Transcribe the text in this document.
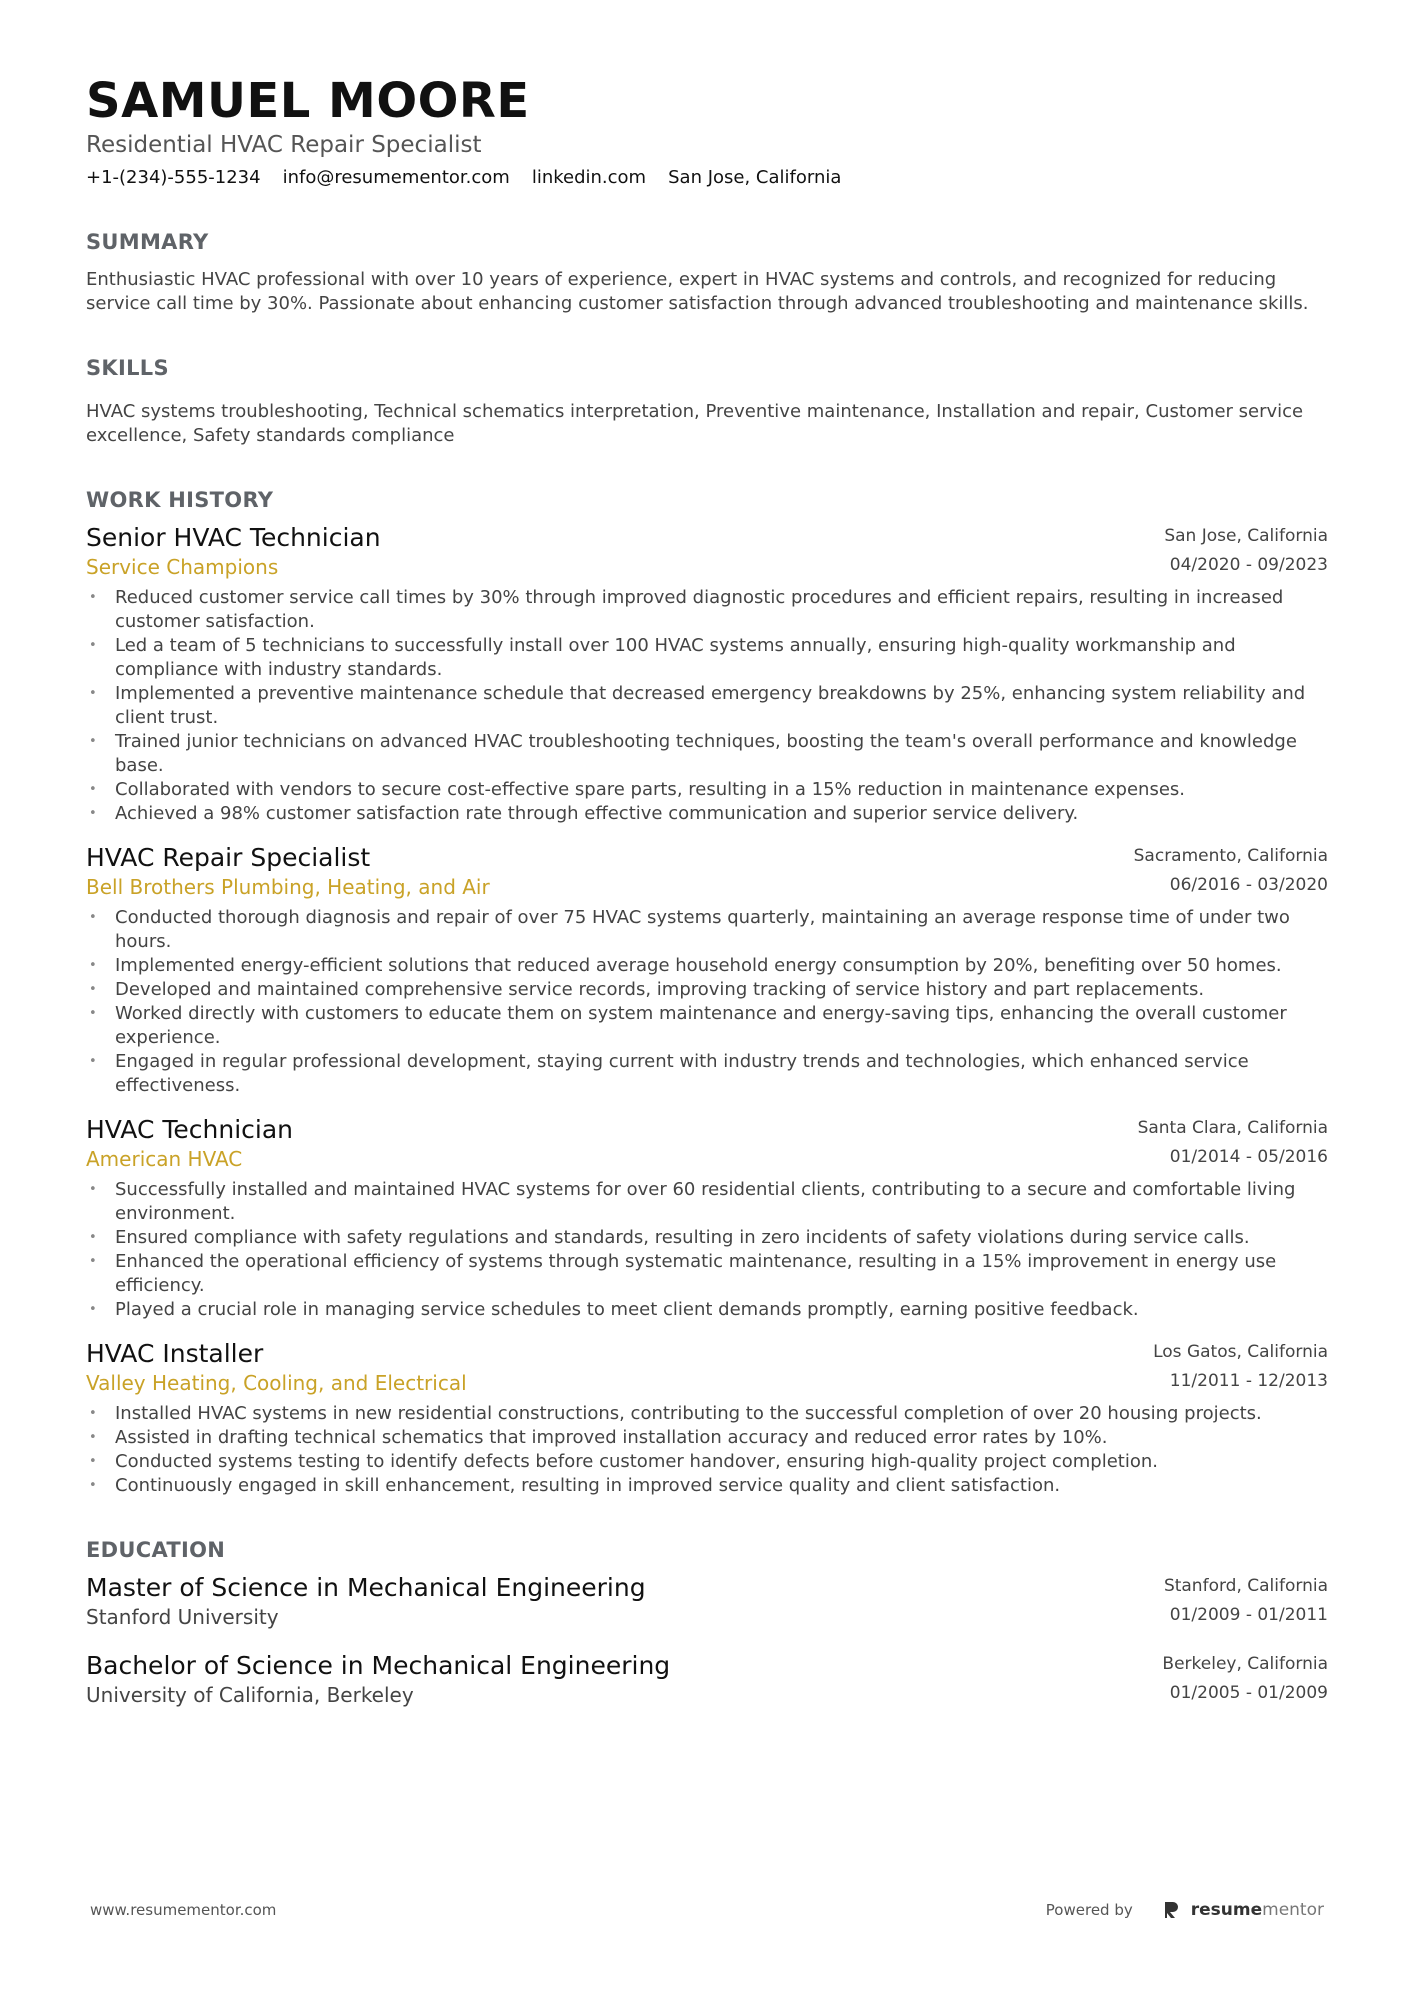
SAMUEL MOORE
Residential HVAC Repair Specialist
+1-(234)-555-1234 info@resumementor.com linkedin.com San Jose, California
SUMMARY

Enthusiastic HVAC professional with over 10 years of experience, expert in HVAC systems and controls, and recognized for reducing service call time by 30%. Passionate about enhancing customer satisfaction through advanced troubleshooting and maintenance skills.

SKILLS

HVAC systems troubleshooting, Technical schematics interpretation, Preventive maintenance, Installation and repair, Customer service excellence, Safety standards compliance

WORK HISTORY
Senior HVAC Technician
Service Champions
San Jose, California
04/2020 - 09/2023
• Reduced customer service call times by 30% through improved diagnostic procedures and efficient repairs, resulting in increased customer satisfaction.
• Led a team of 5 technicians to successfully install over 100 HVAC systems annually, ensuring high-quality workmanship and compliance with industry standards.
• Implemented a preventive maintenance schedule that decreased emergency breakdowns by 25%, enhancing system reliability and client trust.
• Trained junior technicians on advanced HVAC troubleshooting techniques, boosting the team's overall performance and knowledge base.
• Collaborated with vendors to secure cost-effective spare parts, resulting in a 15% reduction in maintenance expenses.
• Achieved a 98% customer satisfaction rate through effective communication and superior service delivery.
HVAC Repair Specialist
Bell Brothers Plumbing, Heating, and Air
Sacramento, California
06/2016 - 03/2020
• Conducted thorough diagnosis and repair of over 75 HVAC systems quarterly, maintaining an average response time of under two hours.
• Implemented energy-efficient solutions that reduced average household energy consumption by 20%, benefiting over 50 homes.
• Developed and maintained comprehensive service records, improving tracking of service history and part replacements.
• Worked directly with customers to educate them on system maintenance and energy-saving tips, enhancing the overall customer experience.
• Engaged in regular professional development, staying current with industry trends and technologies, which enhanced service effectiveness.
HVAC Technician
American HVAC
Santa Clara, California
01/2014 - 05/2016
• Successfully installed and maintained HVAC systems for over 60 residential clients, contributing to a secure and comfortable living environment.
• Ensured compliance with safety regulations and standards, resulting in zero incidents of safety violations during service calls.
• Enhanced the operational efficiency of systems through systematic maintenance, resulting in a 15% improvement in energy use efficiency.
• Played a crucial role in managing service schedules to meet client demands promptly, earning positive feedback.
HVAC Installer
Valley Heating, Cooling, and Electrical
Los Gatos, California
11/2011 - 12/2013
• Installed HVAC systems in new residential constructions, contributing to the successful completion of over 20 housing projects.
• Assisted in drafting technical schematics that improved installation accuracy and reduced error rates by 10%.
• Conducted systems testing to identify defects before customer handover, ensuring high-quality project completion.
• Continuously engaged in skill enhancement, resulting in improved service quality and client satisfaction.
EDUCATION
Master of Science in Mechanical Engineering
Stanford University
Stanford, California
01/2009 - 01/2011
Bachelor of Science in Mechanical Engineering
University of California, Berkeley
Berkeley, California
01/2005 - 01/2009
www.resumementor.com	Powered by	resumementor
